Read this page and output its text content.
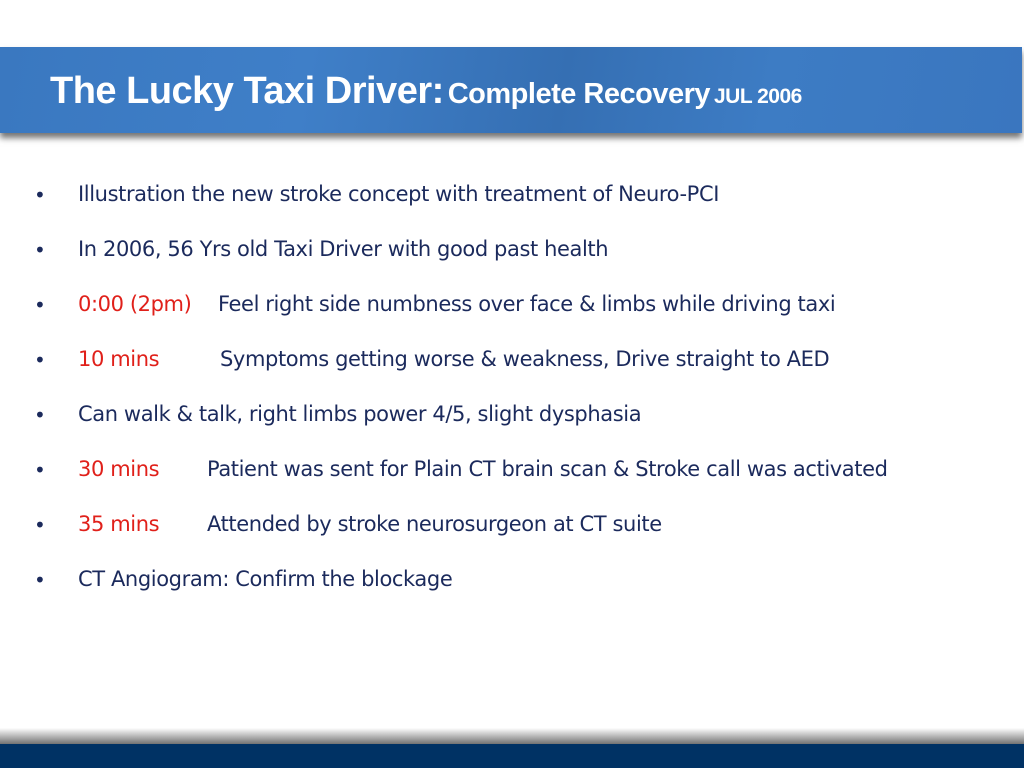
The Lucky Taxi Driver: Complete Recovery JUL 2006
• Illustration the new stroke concept with treatment of Neuro-PCI
• In 2006, 56 Yrs old Taxi Driver with good past health
• 0:00 (2pm) Feel right side numbness over face & limbs while driving taxi
• 10 mins	Symptoms getting worse & weakness, Drive straight to AED
• Can walk & talk, right limbs power 4/5, slight dysphasia
• 30 mins Patient was sent for Plain CT brain scan & Stroke call was activated
• 35 mins Attended by stroke neurosurgeon at CT suite
• CT Angiogram: Confirm the blockage
